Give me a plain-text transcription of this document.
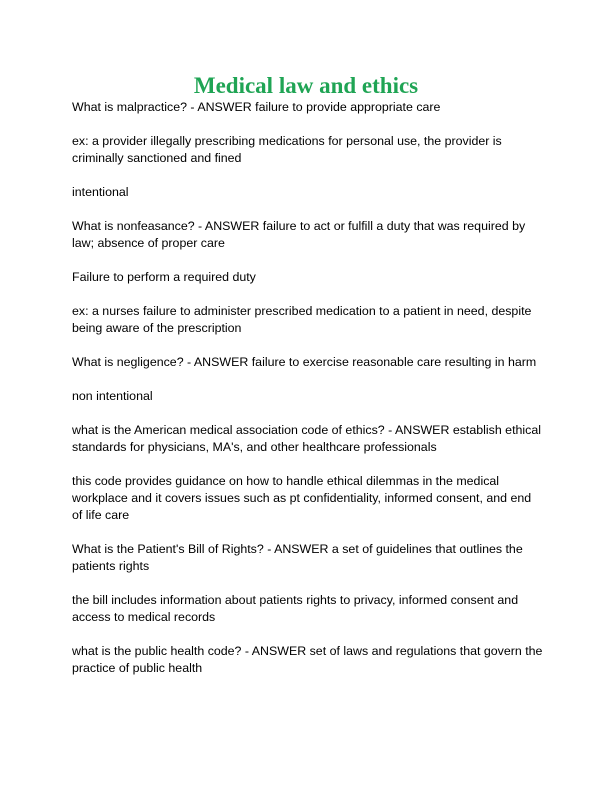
Medical law and ethics

What is malpractice? - ANSWER failure to provide appropriate care

ex: a provider illegally prescribing medications for personal use, the provider is criminally sanctioned and fined

intentional

What is nonfeasance? - ANSWER failure to act or fulfill a duty that was required by law; absence of proper care

Failure to perform a required duty

ex: a nurses failure to administer prescribed medication to a patient in need, despite being aware of the prescription

What is negligence? - ANSWER failure to exercise reasonable care resulting in harm

non intentional

what is the American medical association code of ethics? - ANSWER establish ethical standards for physicians, MA's, and other healthcare professionals

this code provides guidance on how to handle ethical dilemmas in the medical workplace and it covers issues such as pt confidentiality, informed consent, and end of life care

What is the Patient's Bill of Rights? - ANSWER a set of guidelines that outlines the patients rights

the bill includes information about patients rights to privacy, informed consent and access to medical records

what is the public health code? - ANSWER set of laws and regulations that govern the practice of public health
